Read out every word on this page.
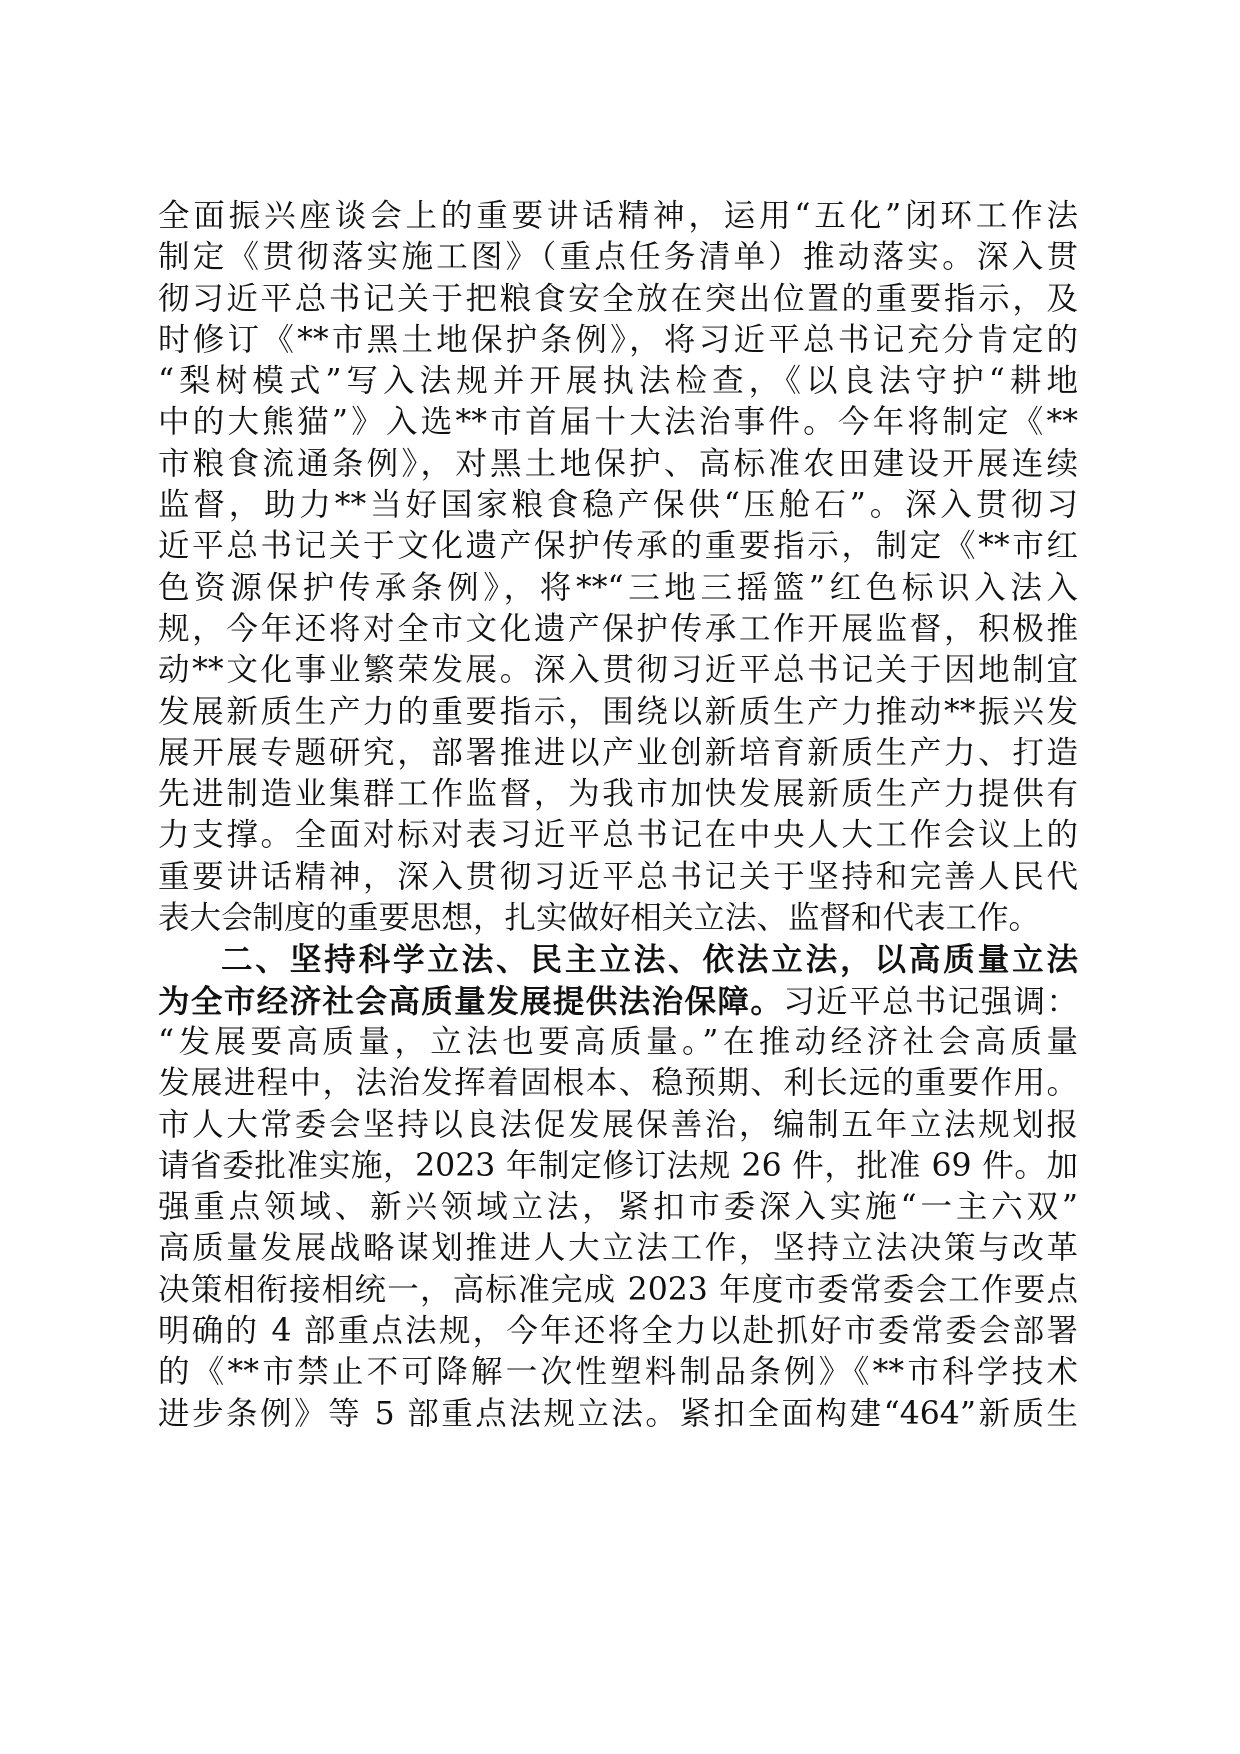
全面振兴座谈会上的重要讲话精神，运用“五化”闭环工作法
制定《贯彻落实施工图》（重点任务清单）推动落实。深入贯
彻习近平总书记关于把粮食安全放在突出位置的重要指示，及
时修订《**市黑土地保护条例》，将习近平总书记充分肯定的
“梨树模式”写入法规并开展执法检查，《以良法守护“耕地
中的大熊猫”》入选**市首届十大法治事件。今年将制定《**
市粮食流通条例》，对黑土地保护、高标准农田建设开展连续
监督，助力**当好国家粮食稳产保供“压舱石”。深入贯彻习
近平总书记关于文化遗产保护传承的重要指示，制定《**市红
色资源保护传承条例》，将**“三地三摇篮”红色标识入法入
规，今年还将对全市文化遗产保护传承工作开展监督，积极推
动**文化事业繁荣发展。深入贯彻习近平总书记关于因地制宜
发展新质生产力的重要指示，围绕以新质生产力推动**振兴发
展开展专题研究，部署推进以产业创新培育新质生产力、打造
先进制造业集群工作监督，为我市加快发展新质生产力提供有
力支撑。全面对标对表习近平总书记在中央人大工作会议上的
重要讲话精神，深入贯彻习近平总书记关于坚持和完善人民代
表大会制度的重要思想，扎实做好相关立法、监督和代表工作。
二、坚持科学立法、民主立法、依法立法，以高质量立法
为全市经济社会高质量发展提供法治保障。习近平总书记强调：
“发展要高质量，立法也要高质量。”在推动经济社会高质量
发展进程中，法治发挥着固根本、稳预期、利长远的重要作用。
市人大常委会坚持以良法促发展保善治，编制五年立法规划报
请省委批准实施，2023 年制定修订法规 26 件，批准 69 件。加
强重点领域、新兴领域立法，紧扣市委深入实施“一主六双”
高质量发展战略谋划推进人大立法工作，坚持立法决策与改革
决策相衔接相统一，高标准完成 2023 年度市委常委会工作要点
明确的 4 部重点法规，今年还将全力以赴抓好市委常委会部署
的《**市禁止不可降解一次性塑料制品条例》《**市科学技术
进步条例》等 5 部重点法规立法。紧扣全面构建“464”新质生
